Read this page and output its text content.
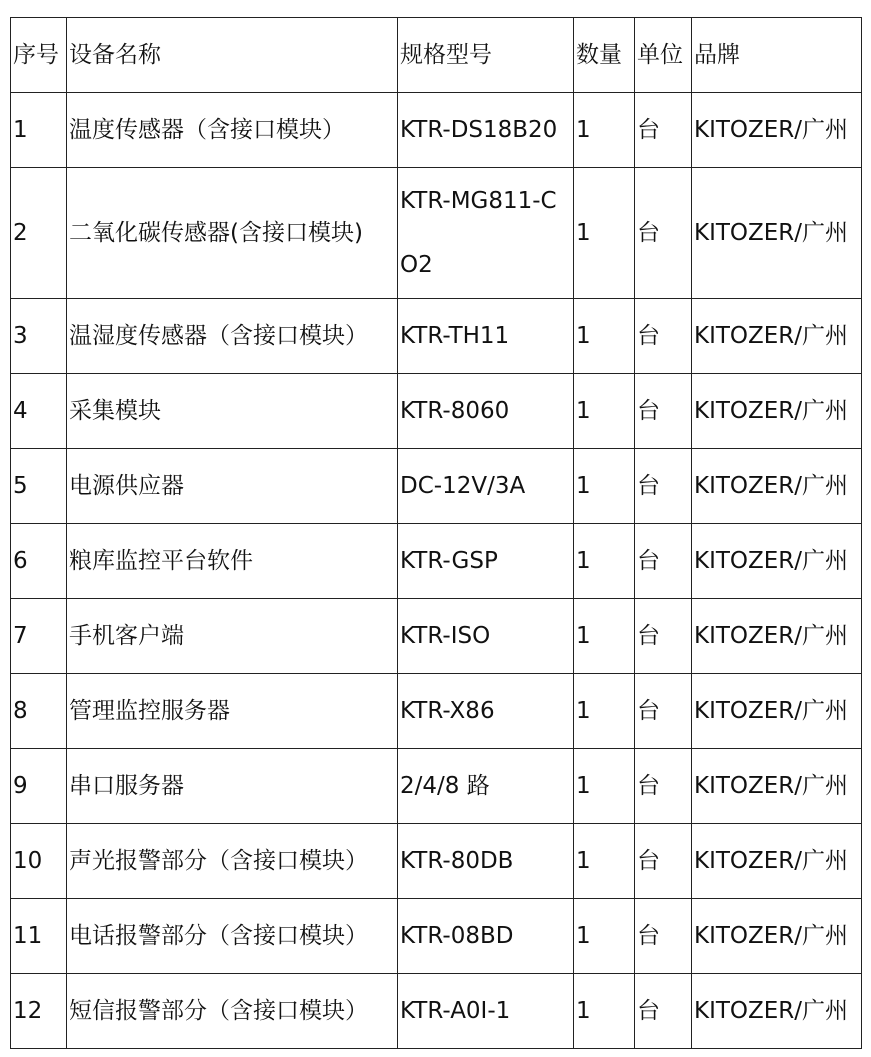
序号	设备名称	规格型号	数量	单位	品牌
1	温度传感器（含接口模块）	KTR-DS18B20	1	台	KITOZER/广州
2	二氧化碳传感器(含接口模块)	KTR-MG811-CO2	1	台	KITOZER/广州
3	温湿度传感器（含接口模块）	KTR-TH11	1	台	KITOZER/广州
4	采集模块	KTR-8060	1	台	KITOZER/广州
5	电源供应器	DC-12V/3A	1	台	KITOZER/广州
6	粮库监控平台软件	KTR-GSP	1	台	KITOZER/广州
7	手机客户端	KTR-ISO	1	台	KITOZER/广州
8	管理监控服务器	KTR-X86	1	台	KITOZER/广州
9	串口服务器	2/4/8 路	1	台	KITOZER/广州
10	声光报警部分（含接口模块）	KTR-80DB	1	台	KITOZER/广州
11	电话报警部分（含接口模块）	KTR-08BD	1	台	KITOZER/广州
12	短信报警部分（含接口模块）	KTR-A0I-1	1	台	KITOZER/广州
